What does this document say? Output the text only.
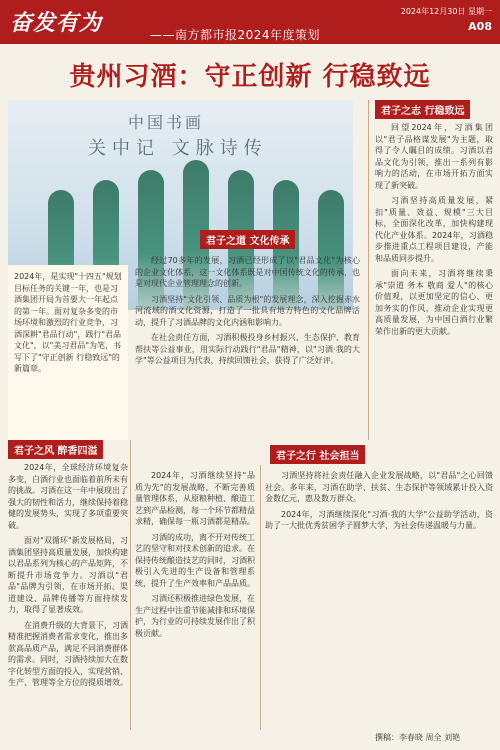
奋发有为	——南方都市报2024年度策划
2024年12月30日 星期一
A08
贵州习酒：守正创新 行稳致远
中国书画
关中记 文脉诗传
2024年，是实现"十四五"规划目标任务的关键一年，也是习酒集团开局为首要大一年起点的第一年。面对复杂多变的市场环境和激烈的行业竞争，习酒深耕"君品行动"，践行"君品文化"，以"美习君品"为笔，书写下了"守正创新 行稳致远"的新篇章。
君子之风 醉香四溢
君子之道 文化传承
君子之志 行稳致远
君子之行 社会担当

2024年，全球经济环境复杂多变，白酒行业也面临着前所未有的挑战。习酒在这一年中展现出了强大的韧性和活力，继续保持着稳健的发展势头，实现了多项重要突破。

面对"双循环"新发展格局，习酒集团坚持高质量发展，加快构建以君品系列为核心的产品矩阵，不断提升市场竞争力。习酒以"君品"品牌为引领，在市场开拓、渠道建设、品牌传播等方面持续发力，取得了显著成效。

在消费升级的大背景下，习酒精准把握消费者需求变化，推出多款高品质产品，满足不同消费群体的需求。同时，习酒持续加大在数字化转型方面的投入，实现营销、生产、管理等全方位的提质增效。

经过70多年的发展，习酒已经形成了以"君品文化"为核心的企业文化体系，这一文化体系既是对中国传统文化的传承，也是对现代企业管理理念的创新。

习酒坚持"文化引领、品质为根"的发展理念，深入挖掘赤水河流域的酒文化资源，打造了一批具有地方特色的文化品牌活动，提升了习酒品牌的文化内涵和影响力。

在社会责任方面，习酒积极投身乡村振兴、生态保护、教育帮扶等公益事业，用实际行动践行"君品"精神，以"习酒·我的大学"等公益项目为代表，持续回馈社会，获得了广泛好评。

2024年，习酒继续坚持"品质为先"的发展战略，不断完善质量管理体系，从原粮种植、酿造工艺到产品检测，每一个环节都精益求精，确保每一瓶习酒都是精品。

习酒的成功，离不开对传统工艺的坚守和对技术创新的追求。在保持传统酿造技艺的同时，习酒积极引入先进的生产设备和管理系统，提升了生产效率和产品品质。

习酒还积极推进绿色发展，在生产过程中注重节能减排和环境保护，为行业的可持续发展作出了积极贡献。

回望2024年，习酒集团以"君子品格谋发展"为主题，取得了令人瞩目的成绩。习酒以君品文化为引领，推出一系列有影响力的活动，在市场开拓方面实现了新突破。

习酒坚持高质量发展，紧扣"质量、效益、规模"三大目标，全面深化改革，加快构建现代化产业体系。2024年，习酒稳步推进重点工程项目建设，产能和品质同步提升。

面向未来，习酒将继续秉承"崇道 务本 敬商 爱人"的核心价值观，以更加坚定的信心、更加务实的作风，推动企业实现更高质量发展，为中国白酒行业繁荣作出新的更大贡献。

习酒坚持将社会责任融入企业发展战略，以"君品"之心回馈社会。多年来，习酒在助学、扶贫、生态保护等领域累计投入资金数亿元，惠及数万群众。

2024年，习酒继续深化"习酒·我的大学"公益助学活动，资助了一大批优秀贫困学子圆梦大学，为社会传递温暖与力量。

撰稿：李春晓 周全 刘艳
